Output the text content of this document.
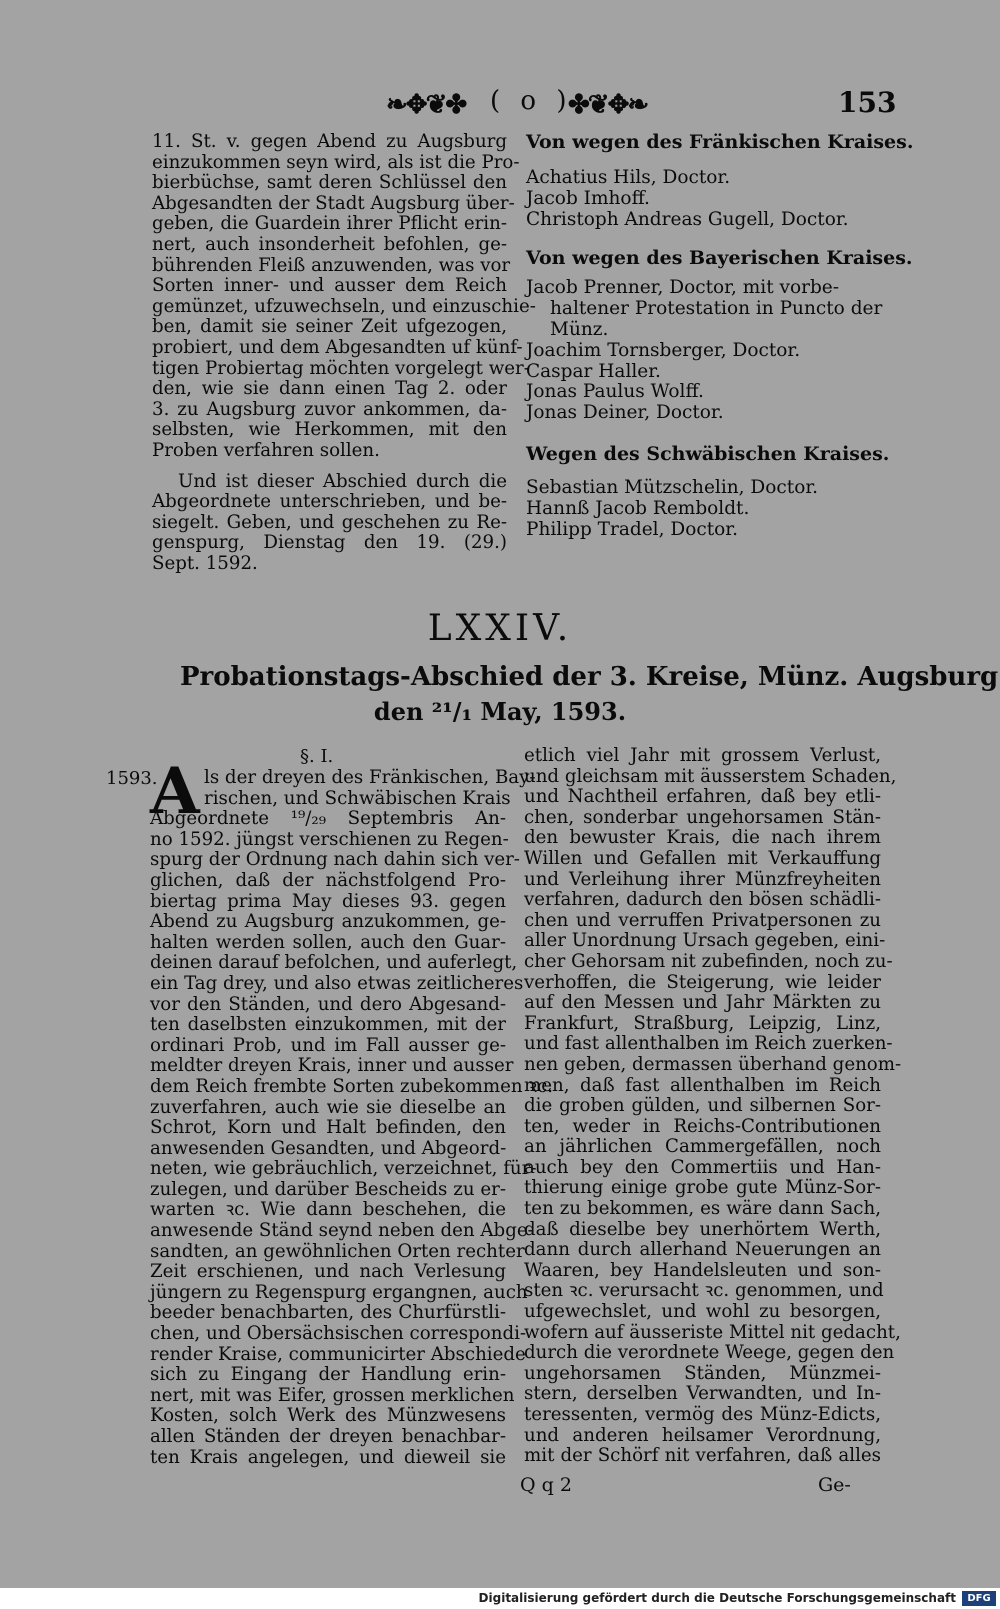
❧✥❦✤ ( o )
✤❦✥❧	153

11. St. v. gegen Abend zu Augsburg

einzukommen seyn wird, als ist die Pro-

bierbüchse, samt deren Schlüssel den

Abgesandten der Stadt Augsburg über-

geben, die Guardein ihrer Pflicht erin-

nert, auch insonderheit befohlen, ge-

bührenden Fleiß anzuwenden, was vor

Sorten inner- und ausser dem Reich

gemünzet, ufzuwechseln, und einzuschie-

ben, damit sie seiner Zeit ufgezogen,

probiert, und dem Abgesandten uf künf-

tigen Probiertag möchten vorgelegt wer-

den, wie sie dann einen Tag 2. oder

3. zu Augsburg zuvor ankommen, da-

selbsten, wie Herkommen, mit den

Proben verfahren sollen.

Und ist dieser Abschied durch die

Abgeordnete unterschrieben, und be-

siegelt. Geben, und geschehen zu Re-

genspurg, Dienstag den 19. (29.)

Sept. 1592.

Von wegen des Fränkischen Kraises.

Achatius Hils, Doctor.

Jacob Imhoff.

Christoph Andreas Gugell, Doctor.

Von wegen des Bayerischen Kraises.
Jacob Prenner, Doctor, mit vorbe-

haltener Protestation in Puncto der

Münz.

Joachim Tornsberger, Doctor.

Caspar Haller.

Jonas Paulus Wolff.

Jonas Deiner, Doctor.

Wegen des Schwäbischen Kraises.

Sebastian Mützschelin, Doctor.

Hannß Jacob Remboldt.

Philipp Tradel, Doctor.

LXXIV.
Probationstags-Abschied der 3. Kreise, Münz. Augsburg
den ²¹/₁ May, 1593.
§. I.
1593.
A ls der dreyen des Fränkischen, Bay-

rischen, und Schwäbischen Krais

Abgeordnete ¹⁹/₂₉ Septembris An-

no 1592. jüngst verschienen zu Regen-

spurg der Ordnung nach dahin sich ver-

glichen, daß der nächstfolgend Pro-

biertag prima May dieses 93. gegen

Abend zu Augsburg anzukommen, ge-

halten werden sollen, auch den Guar-

deinen darauf befolchen, und auferlegt,

ein Tag drey, und also etwas zeitlicheres

vor den Ständen, und dero Abgesand-

ten daselbsten einzukommen, mit der

ordinari Prob, und im Fall ausser ge-

meldter dreyen Krais, inner und ausser

dem Reich frembte Sorten zubekommen ꝛc.

zuverfahren, auch wie sie dieselbe an

Schrot, Korn und Halt befinden, den

anwesenden Gesandten, und Abgeord-

neten, wie gebräuchlich, verzeichnet, für-

zulegen, und darüber Bescheids zu er-

warten ꝛc. Wie dann beschehen, die

anwesende Ständ seynd neben den Abge-

sandten, an gewöhnlichen Orten rechter

Zeit erschienen, und nach Verlesung

jüngern zu Regenspurg ergangnen, auch

beeder benachbarten, des Churfürstli-

chen, und Obersächsischen correspondi-

render Kraise, communicirter Abschiede

sich zu Eingang der Handlung erin-

nert, mit was Eifer, grossen merklichen

Kosten, solch Werk des Münzwesens

allen Ständen der dreyen benachbar-

ten Krais angelegen, und dieweil sie

etlich viel Jahr mit grossem Verlust,

und gleichsam mit äusserstem Schaden,

und Nachtheil erfahren, daß bey etli-

chen, sonderbar ungehorsamen Stän-

den bewuster Krais, die nach ihrem

Willen und Gefallen mit Verkauffung

und Verleihung ihrer Münzfreyheiten

verfahren, dadurch den bösen schädli-

chen und verruffen Privatpersonen zu

aller Unordnung Ursach gegeben, eini-

cher Gehorsam nit zubefinden, noch zu-

verhoffen, die Steigerung, wie leider

auf den Messen und Jahr Märkten zu

Frankfurt, Straßburg, Leipzig, Linz,

und fast allenthalben im Reich zuerken-

nen geben, dermassen überhand genom-

men, daß fast allenthalben im Reich

die groben gülden, und silbernen Sor-

ten, weder in Reichs-Contributionen

an jährlichen Cammergefällen, noch

auch bey den Commertiis und Han-

thierung einige grobe gute Münz-Sor-

ten zu bekommen, es wäre dann Sach,

daß dieselbe bey unerhörtem Werth,

dann durch allerhand Neuerungen an

Waaren, bey Handelsleuten und son-

sten ꝛc. verursacht ꝛc. genommen, und

ufgewechslet, und wohl zu besorgen,

wofern auf äusseriste Mittel nit gedacht,

durch die verordnete Weege, gegen den

ungehorsamen Ständen, Münzmei-

stern, derselben Verwandten, und In-

teressenten, vermög des Münz-Edicts,

und anderen heilsamer Verordnung,

mit der Schörf nit verfahren, daß alles

Q q 2	Ge-
Digitalisierung gefördert durch die Deutsche Forschungsgemeinschaft	DFG
